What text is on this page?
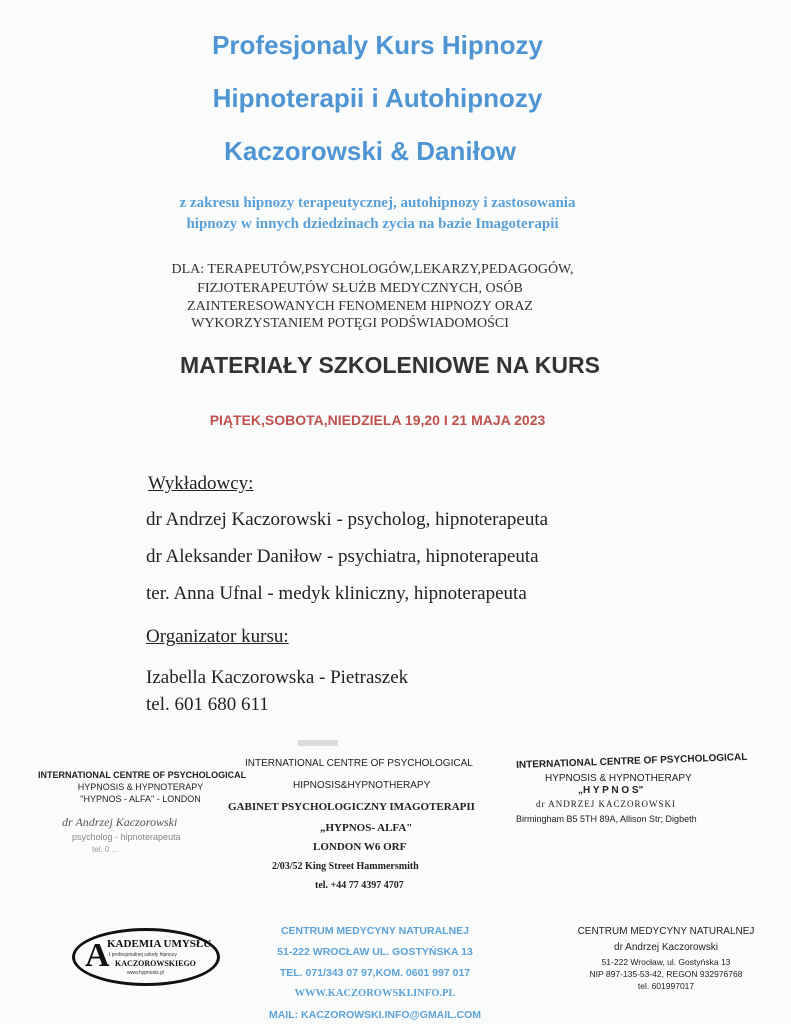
Profesjonaly Kurs Hipnozy
Hipnoterapii i Autohipnozy
Kaczorowski & Daniłow
z zakresu hipnozy terapeutycznej, autohipnozy i zastosowania
hipnozy w innych dziedzinach zycia na bazie Imagoterapii
DLA: TERAPEUTÓW,PSYCHOLOGÓW,LEKARZY,PEDAGOGÓW,
FIZJOTERAPEUTÓW SŁUŻB MEDYCZNYCH, OSÓB
ZAINTERESOWANYCH FENOMENEM HIPNOZY ORAZ
WYKORZYSTANIEM POTĘGI PODŚWIADOMOŚCI
MATERIAŁY SZKOLENIOWE NA KURS
PIĄTEK,SOBOTA,NIEDZIELA 19,20 I 21 MAJA 2023
Wykładowcy:
dr Andrzej Kaczorowski - psycholog, hipnoterapeuta
dr Aleksander Daniłow - psychiatra, hipnoterapeuta
ter. Anna Ufnal - medyk kliniczny, hipnoterapeuta
Organizator kursu:
Izabella Kaczorowska - Pietraszek
tel. 601 680 611
INTERNATIONAL CENTRE OF PSYCHOLOGICAL
HYPNOSIS & HYPNOTERAPY
"HYPNOS - ALFA" - LONDON
dr Andrzej Kaczorowski
psycholog - hipnoterapeuta
tel. 0 ...
INTERNATIONAL CENTRE OF PSYCHOLOGICAL
HIPNOSIS&HYPNOTHERAPY
GABINET PSYCHOLOGICZNY IMAGOTERAPII
„HYPNOS- ALFA"
LONDON W6 ORF
2/03/52 King Street Hammersmith
tel. +44 77 4397 4707
INTERNATIONAL CENTRE OF PSYCHOLOGICAL
HYPNOSIS & HYPNOTHERAPY
„H Y P N O S"
dr ANDRZEJ KACZOROWSKI
Birmingham B5 5TH 89A, Allison Str; Digbeth
A
KADEMIA UMYSŁU
I profesjonalnej szkoły hipnozy
KACZOROWSKIEGO
www.hypnosis.pl
CENTRUM MEDYCYNY NATURALNEJ
51-222 WROCŁAW UL. GOSTYŃSKA 13
TEL. 071/343 07 97,KOM. 0601 997 017
WWW.KACZOROWSKI.INFO.PL
MAIL: KACZOROWSKI.INFO@GMAIL.COM
CENTRUM MEDYCYNY NATURALNEJ
dr Andrzej Kaczorowski
51-222 Wrocław, ul. Gostyńska 13
NIP 897-135-53-42, REGON 932976768
tel. 601997017
